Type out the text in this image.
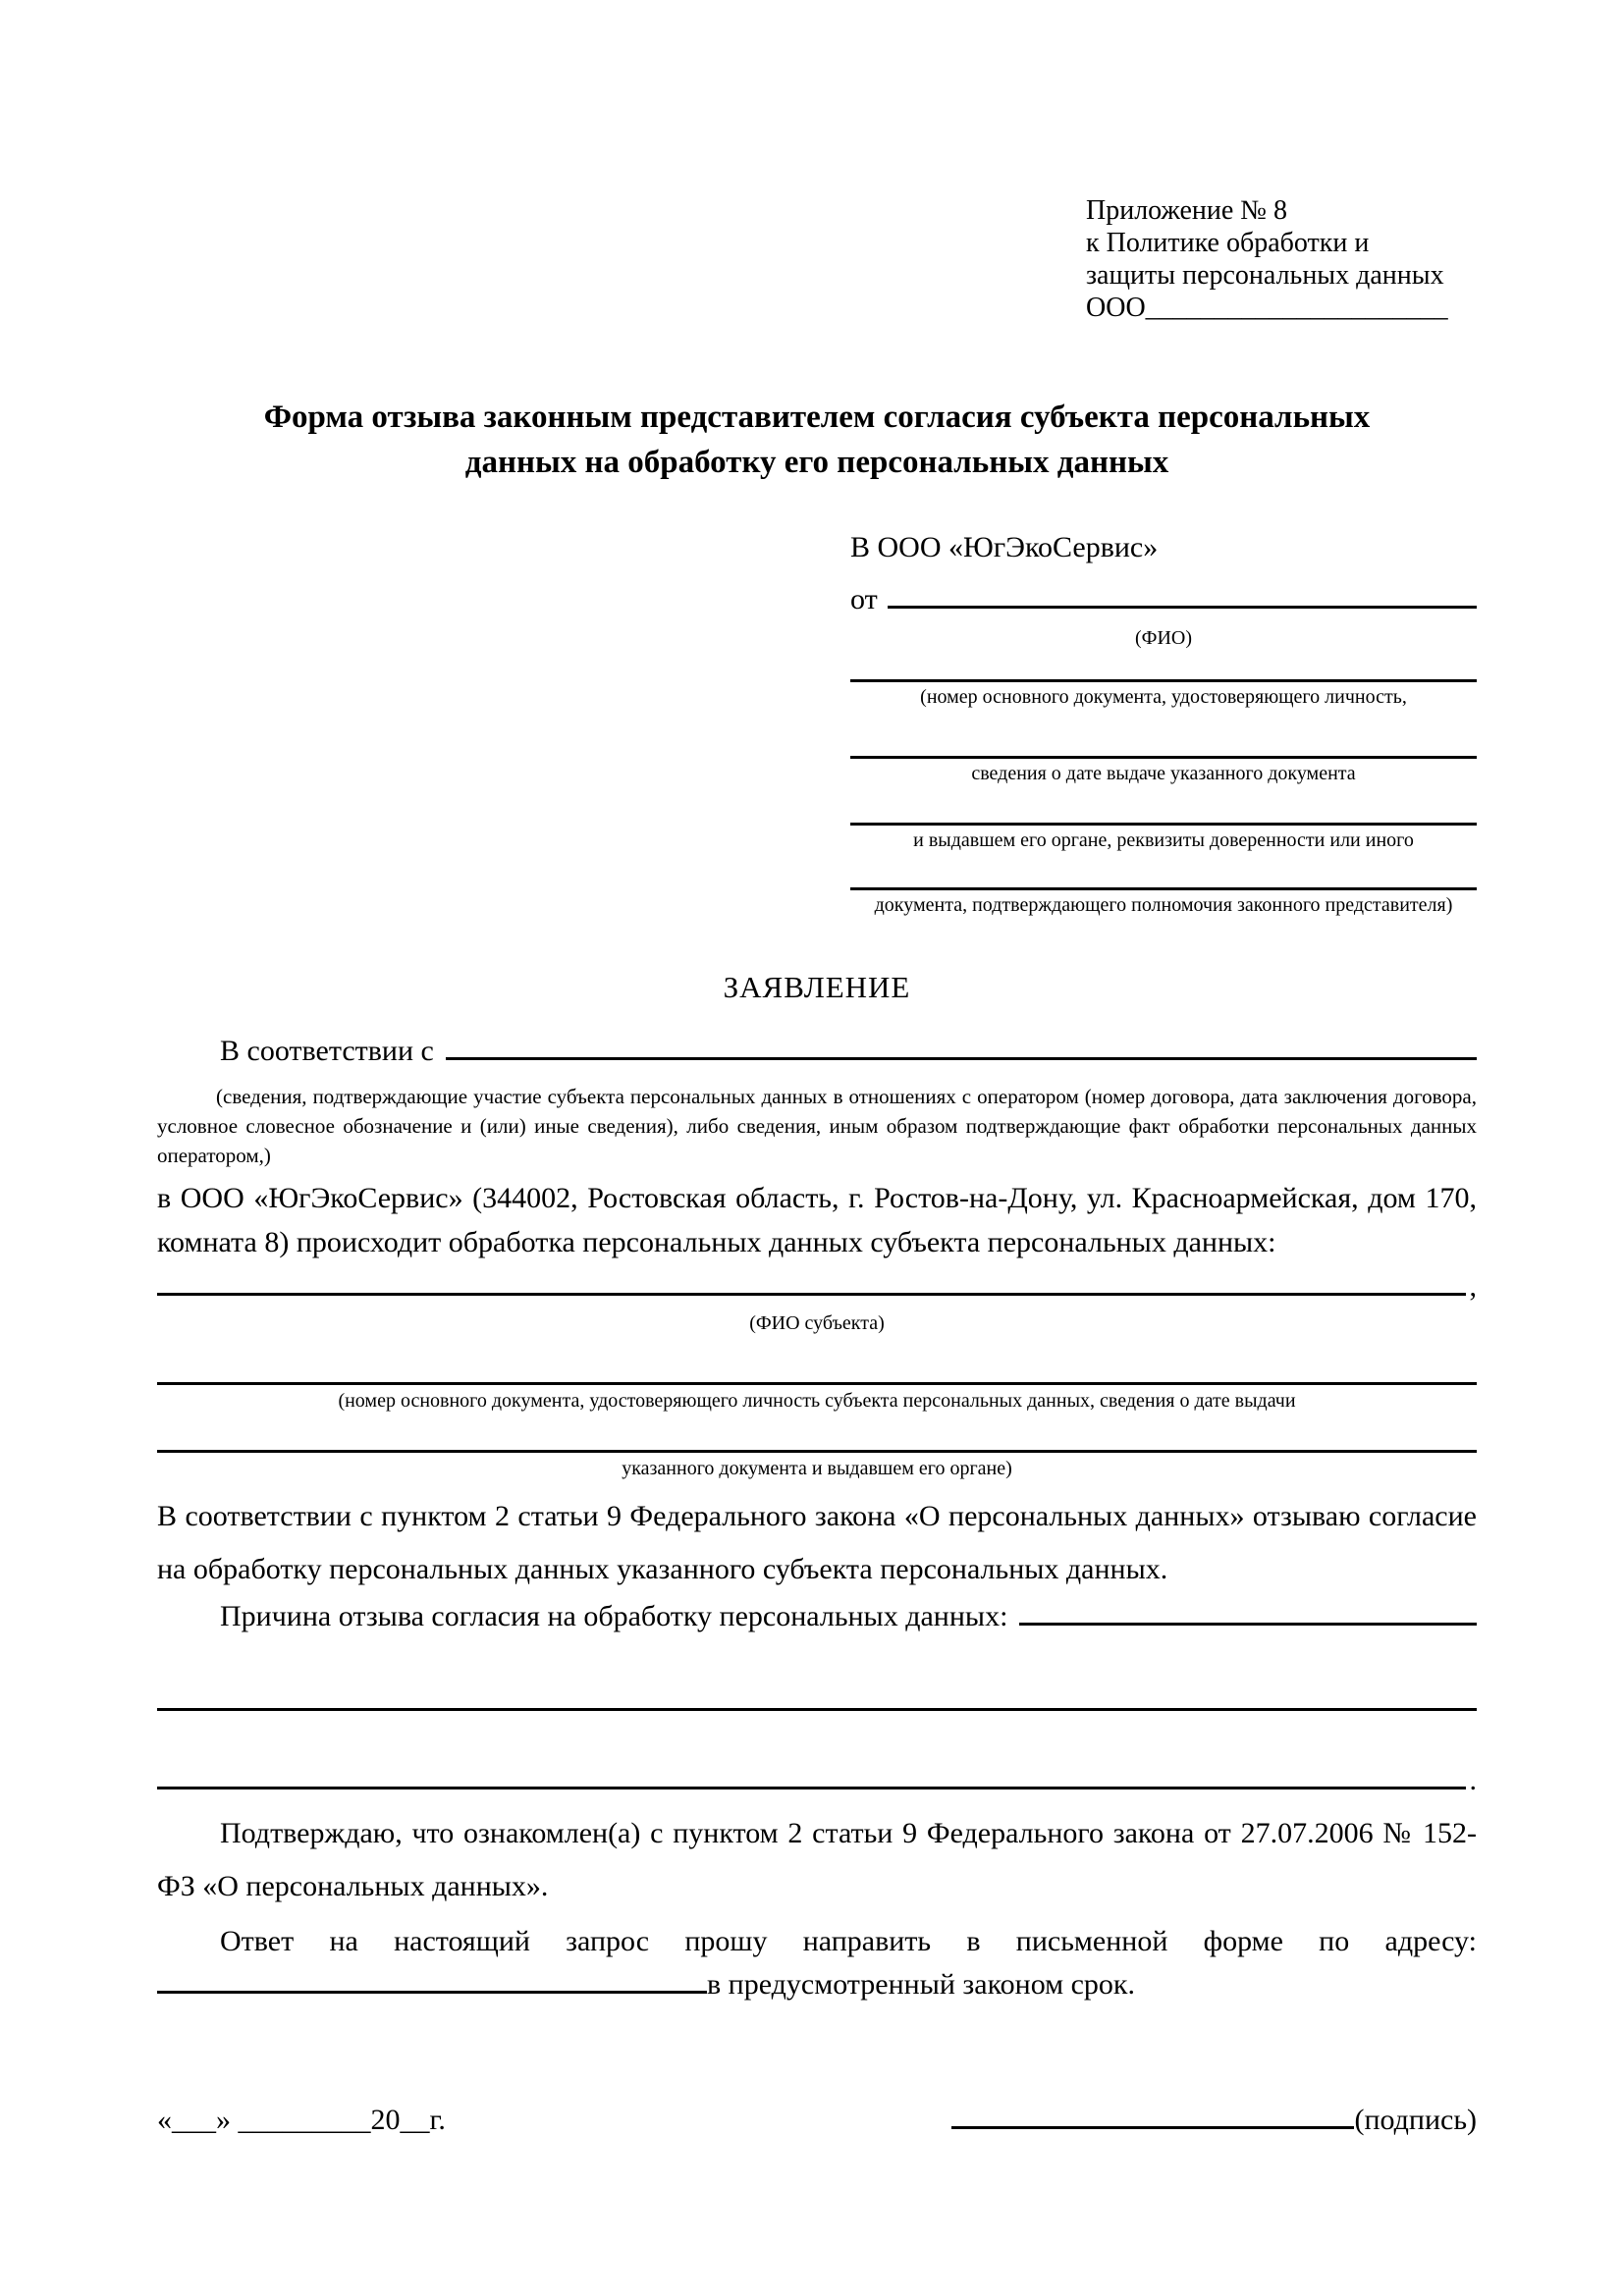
Приложение № 8
к Политике обработки и
защиты персональных данных
ООО______________________
Форма отзыва законным представителем согласия субъекта персональных данных на обработку его персональных данных
В ООО «ЮгЭкоСервис»
от
(ФИО)
(номер основного документа, удостоверяющего личность,
сведения о дате выдаче указанного документа
и выдавшем его органе, реквизиты доверенности или иного
документа, подтверждающего полномочия законного представителя)
ЗАЯВЛЕНИЕ
В соответствии с
(сведения, подтверждающие участие субъекта персональных данных в отношениях с оператором (номер договора, дата заключения договора, условное словесное обозначение и (или) иные сведения), либо сведения, иным образом подтверждающие факт обработки персональных данных оператором,)
в ООО «ЮгЭкоСервис» (344002, Ростовская область, г. Ростов-на-Дону, ул. Красноармейская, дом 170, комната 8) происходит обработка персональных данных субъекта персональных данных:
,
(ФИО субъекта)
(номер основного документа, удостоверяющего личность субъекта персональных данных, сведения о дате выдачи
указанного документа и выдавшем его органе)
В соответствии с пунктом 2 статьи 9 Федерального закона «О персональных данных» отзываю согласие на обработку персональных данных указанного субъекта персональных данных.
Причина отзыва согласия на обработку персональных данных:
.
Подтверждаю, что ознакомлен(а) с пунктом 2 статьи 9 Федерального закона от 27.07.2006 № 152-ФЗ «О персональных данных».
Ответ на настоящий запрос прошу направить в письменной форме по адресу:
в предусмотренный законом срок.
«___» _________20__г.	(подпись)
